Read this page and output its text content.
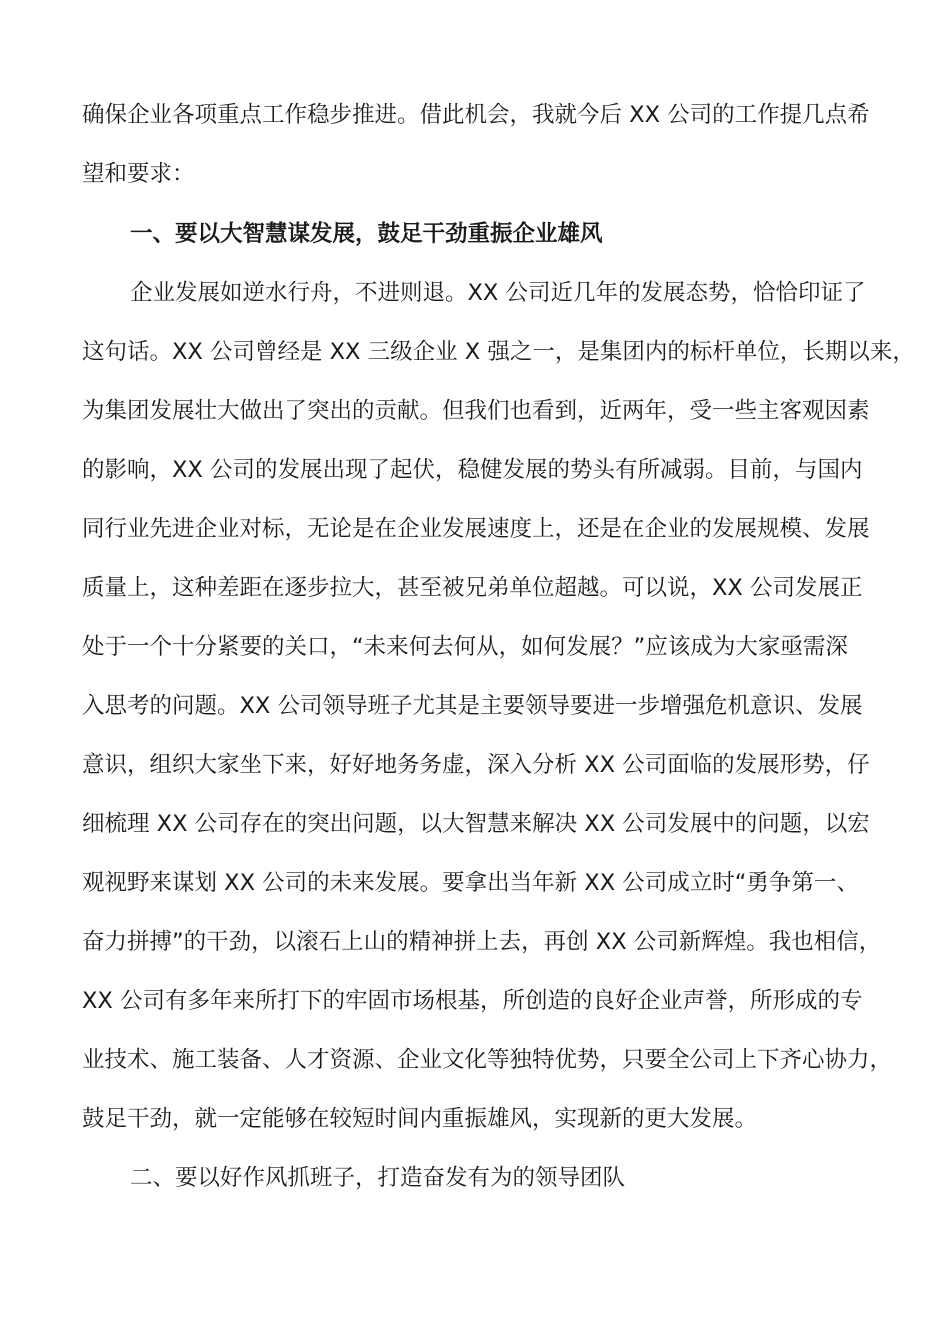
确保企业各项重点工作稳步推进。借此机会，我就今后 XX 公司的工作提几点希
望和要求：
一、要以大智慧谋发展，鼓足干劲重振企业雄风
企业发展如逆水行舟，不进则退。XX 公司近几年的发展态势，恰恰印证了
这句话。XX 公司曾经是 XX 三级企业 X 强之一，是集团内的标杆单位，长期以来，
为集团发展壮大做出了突出的贡献。但我们也看到，近两年，受一些主客观因素
的影响，XX 公司的发展出现了起伏，稳健发展的势头有所减弱。目前，与国内
同行业先进企业对标，无论是在企业发展速度上，还是在企业的发展规模、发展
质量上，这种差距在逐步拉大，甚至被兄弟单位超越。可以说，XX 公司发展正
处于一个十分紧要的关口，“未来何去何从，如何发展？”应该成为大家亟需深
入思考的问题。XX 公司领导班子尤其是主要领导要进一步增强危机意识、发展
意识，组织大家坐下来，好好地务务虚，深入分析 XX 公司面临的发展形势，仔
细梳理 XX 公司存在的突出问题，以大智慧来解决 XX 公司发展中的问题，以宏
观视野来谋划 XX 公司的未来发展。要拿出当年新 XX 公司成立时“勇争第一、
奋力拼搏”的干劲，以滚石上山的精神拼上去，再创 XX 公司新辉煌。我也相信，
XX 公司有多年来所打下的牢固市场根基，所创造的良好企业声誉，所形成的专
业技术、施工装备、人才资源、企业文化等独特优势，只要全公司上下齐心协力，
鼓足干劲，就一定能够在较短时间内重振雄风，实现新的更大发展。
二、要以好作风抓班子，打造奋发有为的领导团队
